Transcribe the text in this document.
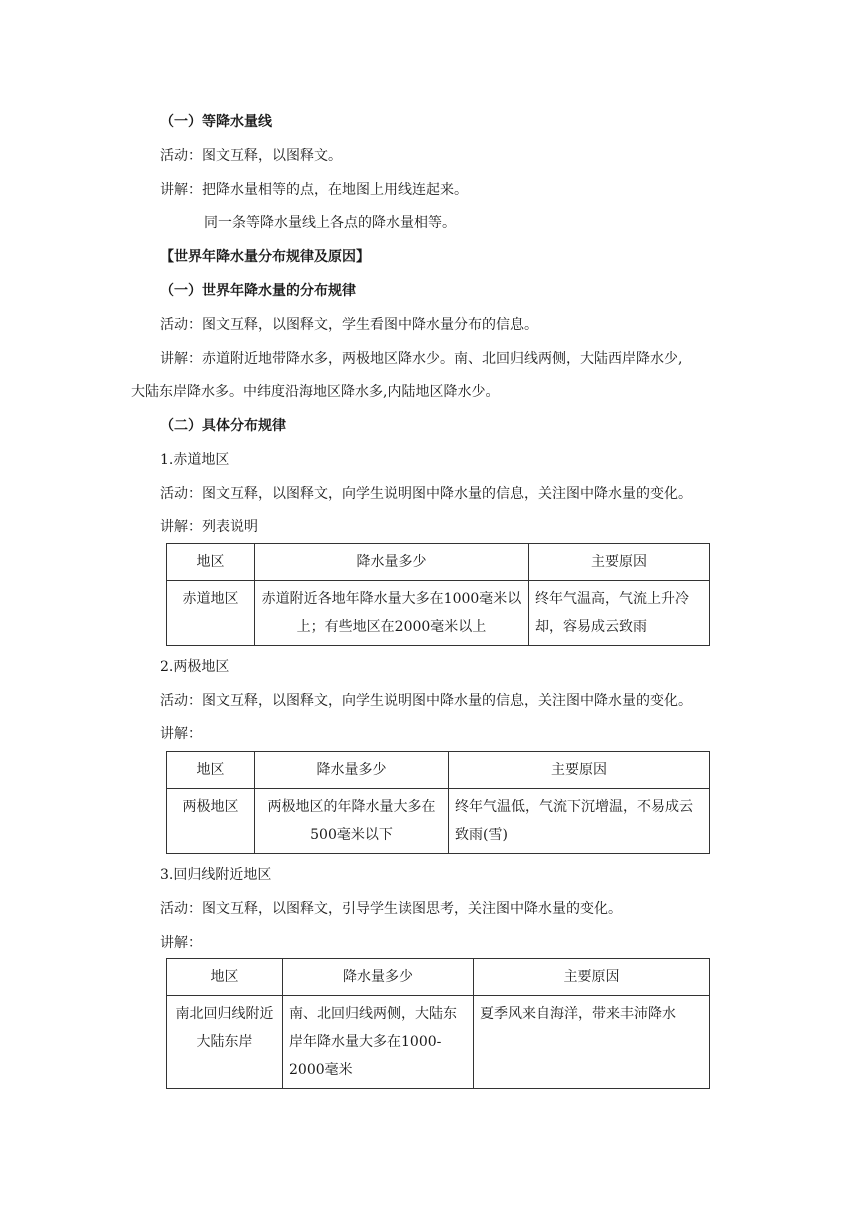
（一）等降水量线
活动：图文互释，以图释文。
讲解：把降水量相等的点，在地图上用线连起来。
同一条等降水量线上各点的降水量相等。
【世界年降水量分布规律及原因】
（一）世界年降水量的分布规律
活动：图文互释，以图释文，学生看图中降水量分布的信息。
讲解：赤道附近地带降水多，两极地区降水少。南、北回归线两侧，大陆西岸降水少,
大陆东岸降水多。中纬度沿海地区降水多,内陆地区降水少。
（二）具体分布规律
1.赤道地区
活动：图文互释，以图释文，向学生说明图中降水量的信息，关注图中降水量的变化。
讲解：列表说明
地区	降水量多少	主要原因
赤道地区	赤道附近各地年降水量大多在1000毫米以上；有些地区在2000毫米以上	终年气温高，气流上升冷却，容易成云致雨
2.两极地区
活动：图文互释，以图释文，向学生说明图中降水量的信息，关注图中降水量的变化。
讲解：
地区	降水量多少	主要原因
两极地区	两极地区的年降水量大多在500毫米以下	终年气温低，气流下沉增温，不易成云致雨(雪)
3.回归线附近地区
活动：图文互释，以图释文，引导学生读图思考，关注图中降水量的变化。
讲解：
地区	降水量多少	主要原因
南北回归线附近大陆东岸	南、北回归线两侧，大陆东岸年降水量大多在1000-2000毫米	夏季风来自海洋，带来丰沛降水
